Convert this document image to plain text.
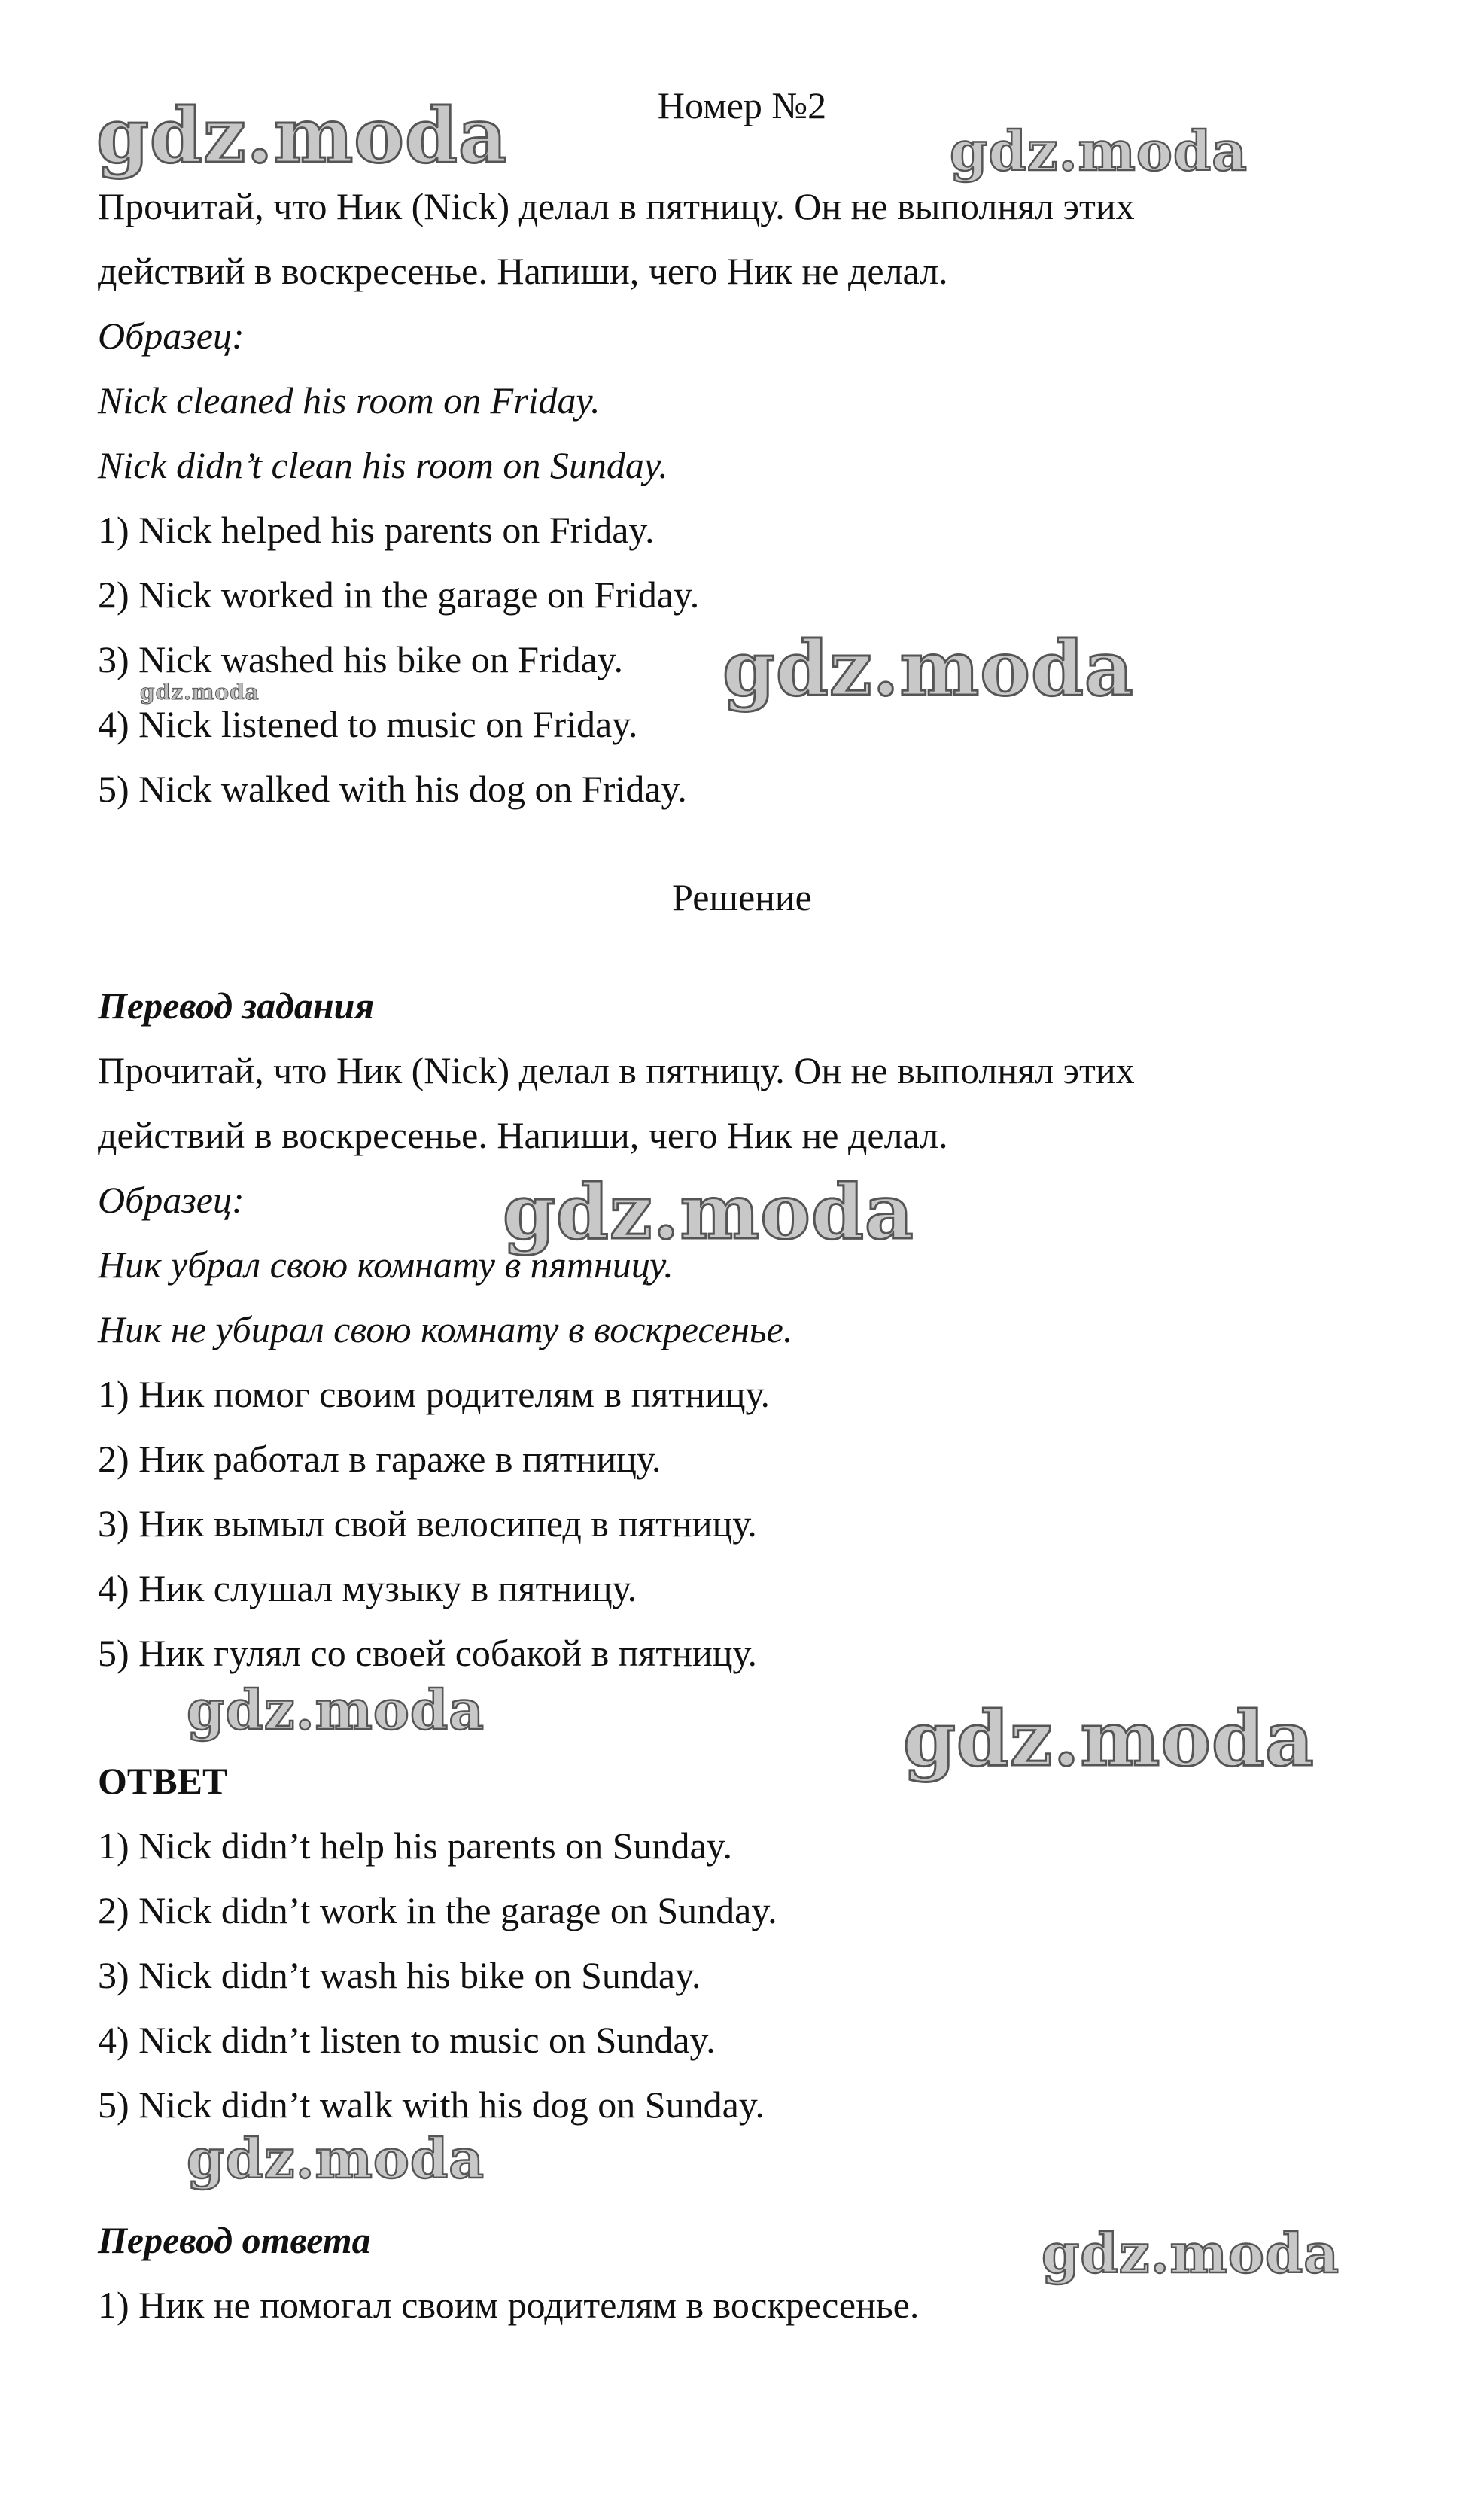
gdz.moda	gdz.moda
gdz.moda
gdz.moda
gdz.moda
gdz.moda	gdz.moda
gdz.moda
gdz.moda
Номер №2
Прочитай, что Ник (Nick) делал в пятницу. Он не выполнял этих
действий в воскресенье. Напиши, чего Ник не делал.
Образец:
Nick cleaned his room on Friday.
Nick didn’t clean his room on Sunday.
1) Nick helped his parents on Friday.
2) Nick worked in the garage on Friday.
3) Nick washed his bike on Friday.
4) Nick listened to music on Friday.
5) Nick walked with his dog on Friday.
Решение
Перевод задания
Прочитай, что Ник (Nick) делал в пятницу. Он не выполнял этих
действий в воскресенье. Напиши, чего Ник не делал.
Образец:
Ник убрал свою комнату в пятницу.
Ник не убирал свою комнату в воскресенье.
1) Ник помог своим родителям в пятницу.
2) Ник работал в гараже в пятницу.
3) Ник вымыл свой велосипед в пятницу.
4) Ник слушал музыку в пятницу.
5) Ник гулял со своей собакой в пятницу.
ОТВЕТ
1) Nick didn’t help his parents on Sunday.
2) Nick didn’t work in the garage on Sunday.
3) Nick didn’t wash his bike on Sunday.
4) Nick didn’t listen to music on Sunday.
5) Nick didn’t walk with his dog on Sunday.
Перевод ответа
1) Ник не помогал своим родителям в воскресенье.
